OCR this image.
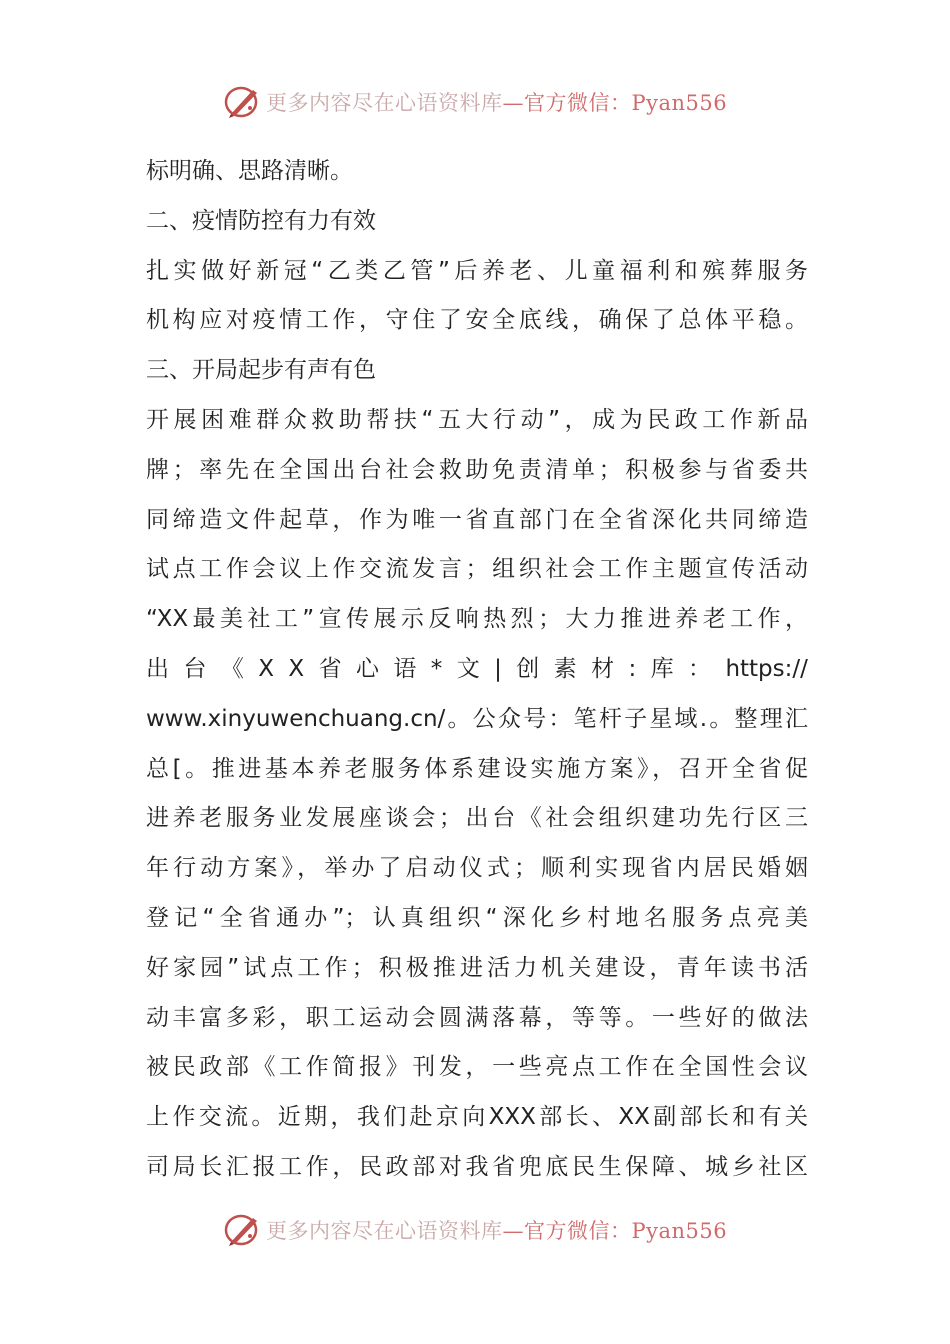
更多内容尽在心语资料库—官方微信：Pyan556
标明确、思路清晰。
二、疫情防控有力有效
扎实做好新冠“乙类乙管”后养老、儿童福利和殡葬服务
机构应对疫情工作，守住了安全底线，确保了总体平稳。
三、开局起步有声有色
开展困难群众救助帮扶“五大行动”，成为民政工作新品
牌；率先在全国出台社会救助免责清单；积极参与省委共
同缔造文件起草，作为唯一省直部门在全省深化共同缔造
试点工作会议上作交流发言；组织社会工作主题宣传活动
“XX最美社工”宣传展示反响热烈；大力推进养老工作，
出 台 《 X X 省 心 语 * 文 | 创 素 材 : 库 ： https://
www.xinyuwenchuang.cn/。公众号：笔杆子星域.。整理汇
总[。推进基本养老服务体系建设实施方案》，召开全省促
进养老服务业发展座谈会；出台《社会组织建功先行区三
年行动方案》，举办了启动仪式；顺利实现省内居民婚姻
登记“全省通办”；认真组织“深化乡村地名服务点亮美
好家园”试点工作；积极推进活力机关建设，青年读书活
动丰富多彩，职工运动会圆满落幕，等等。一些好的做法
被民政部《工作简报》刊发，一些亮点工作在全国性会议
上作交流。近期，我们赴京向XXX部长、XX副部长和有关
司局长汇报工作，民政部对我省兜底民生保障、城乡社区
更多内容尽在心语资料库—官方微信：Pyan556
